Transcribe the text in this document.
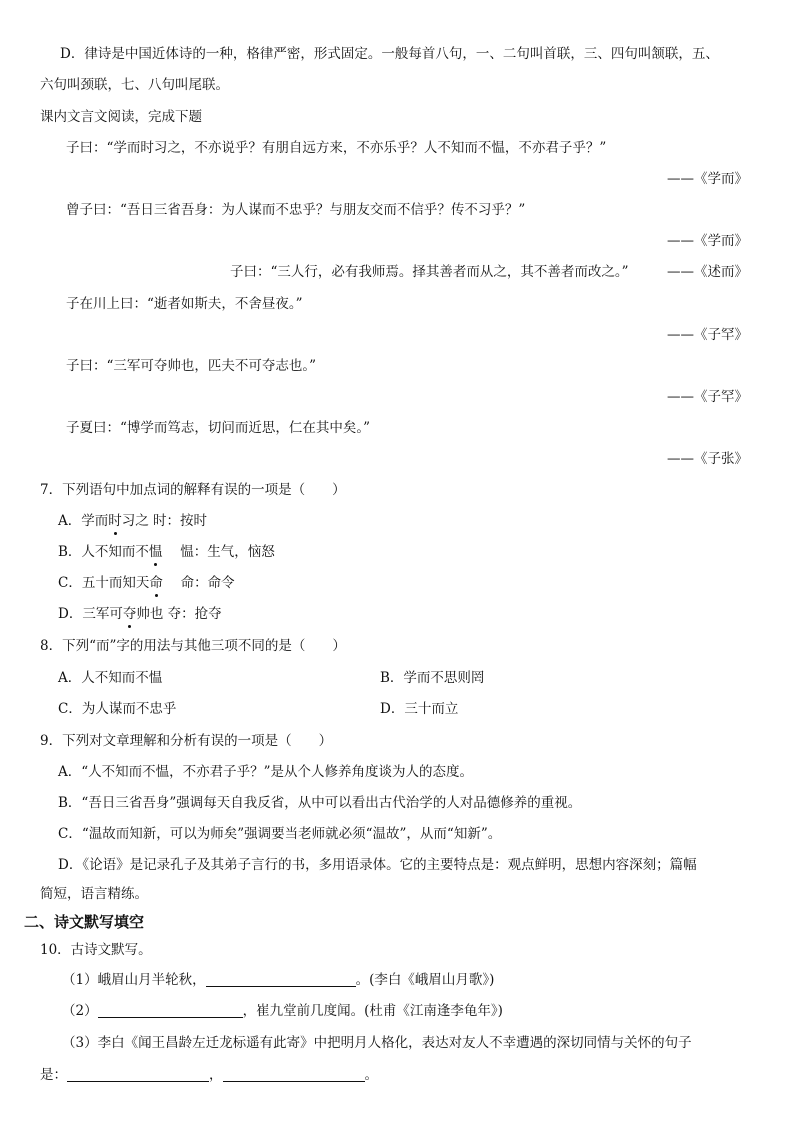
D．律诗是中国近体诗的一种，格律严密，形式固定。一般每首八句，一、二句叫首联，三、四句叫颔联，五、
六句叫颈联，七、八句叫尾联。
课内文言文阅读，完成下题
子曰：“学而时习之，不亦说乎？有朋自远方来，不亦乐乎？人不知而不愠，不亦君子乎？”
——《学而》
曾子曰：“吾日三省吾身：为人谋而不忠乎？与朋友交而不信乎？传不习乎？”
——《学而》
子曰：“三人行，必有我师焉。择其善者而从之，其不善者而改之。”	——《述而》
子在川上曰：“逝者如斯夫，不舍昼夜。”
——《子罕》
子曰：“三军可夺帅也，匹夫不可夺志也。”
——《子罕》
子夏曰：“博学而笃志，切问而近思，仁在其中矣。”
——《子张》
7．下列语句中加点词的解释有误的一项是（　　）
A．学而时习之 时：按时
B．人不知而不愠　 愠：生气，恼怒
C．五十而知天命　 命：命令
D．三军可夺帅也 夺：抢夺
8．下列“而”字的用法与其他三项不同的是（　　）
A．人不知而不愠	B．学而不思则罔
C．为人谋而不忠乎	D．三十而立
9．下列对文章理解和分析有误的一项是（　　）
A．“人不知而不愠，不亦君子乎？”是从个人修养角度谈为人的态度。
B．“吾日三省吾身”强调每天自我反省，从中可以看出古代治学的人对品德修养的重视。
C．“温故而知新，可以为师矣”强调要当老师就必须“温故”，从而“知新”。
D．《论语》是记录孔子及其弟子言行的书，多用语录体。它的主要特点是：观点鲜明，思想内容深刻；篇幅
简短，语言精练。
二、诗文默写填空
10．古诗文默写。
（1）峨眉山月半轮秋，	。(李白《峨眉山月歌》)
（2）	，崔九堂前几度闻。(杜甫《江南逢李龟年》)
（3）李白《闻王昌龄左迁龙标遥有此寄》中把明月人格化，表达对友人不幸遭遇的深切同情与关怀的句子
是：	，	。
